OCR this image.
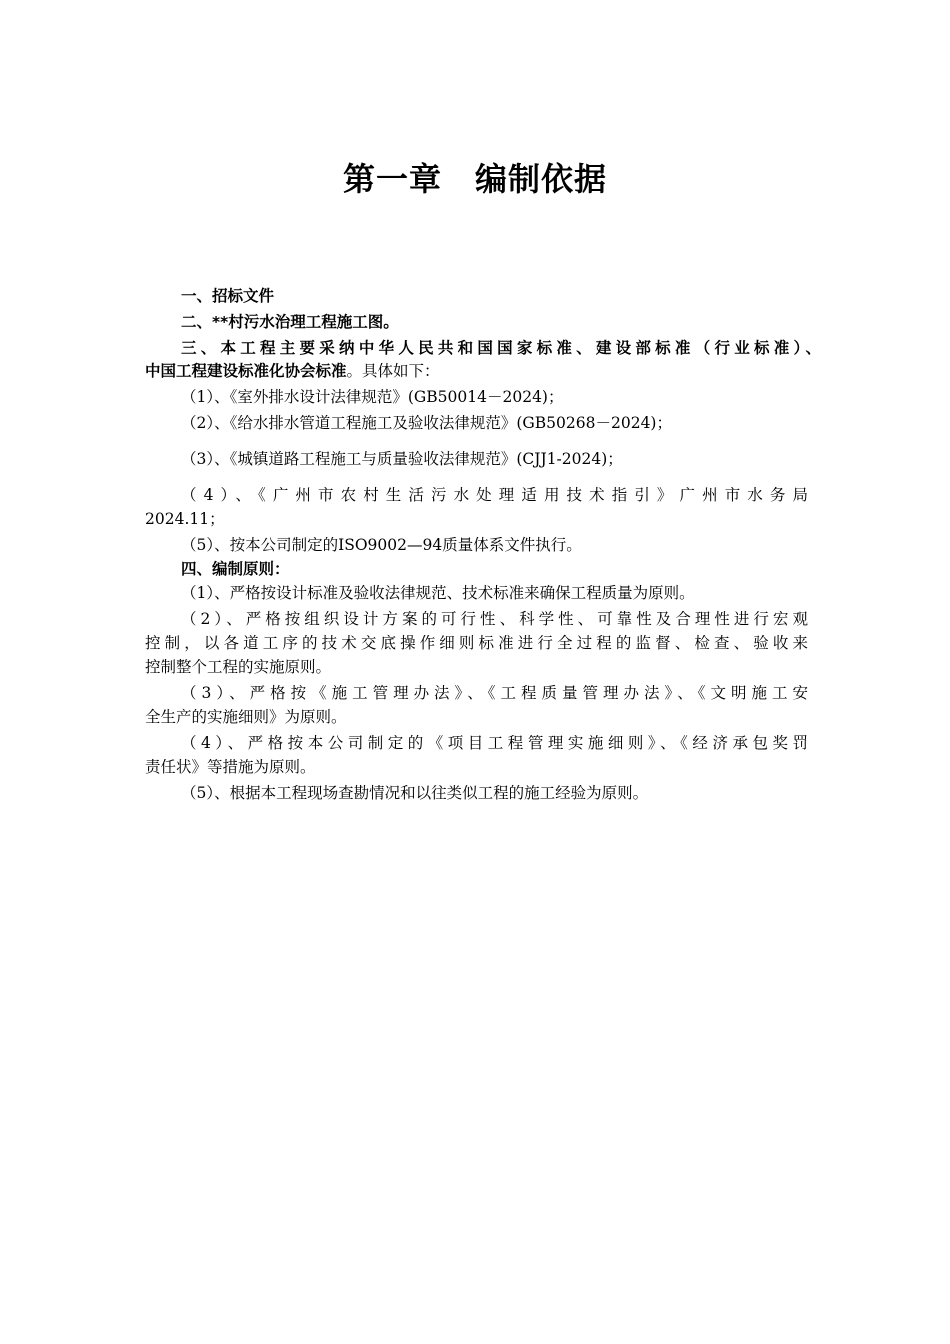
第一章　编制依据
一、招标文件
二、**村污水治理工程施工图。
三、本工程主要采纳中华人民共和国国家标准、建设部标准（行业标准）、
中国工程建设标准化协会标准。具体如下：
（1）、《室外排水设计法律规范》(GB50014－2024)；
（2）、《给水排水管道工程施工及验收法律规范》(GB50268－2024)；
（3）、《城镇道路工程施工与质量验收法律规范》(CJJ1-2024)；
（4）、《广州市农村生活污水处理适用技术指引》广州市水务局
2024.11；
（5）、按本公司制定的ISO9002—94质量体系文件执行。
四、编制原则：
（1）、严格按设计标准及验收法律规范、技术标准来确保工程质量为原则。
（2）、严格按组织设计方案的可行性、科学性、可靠性及合理性进行宏观
控制，以各道工序的技术交底操作细则标准进行全过程的监督、检查、验收来
控制整个工程的实施原则。
（3）、严格按《施工管理办法》、《工程质量管理办法》、《文明施工安
全生产的实施细则》为原则。
（4）、严格按本公司制定的《项目工程管理实施细则》、《经济承包奖罚
责任状》等措施为原则。
（5）、根据本工程现场查勘情况和以往类似工程的施工经验为原则。
